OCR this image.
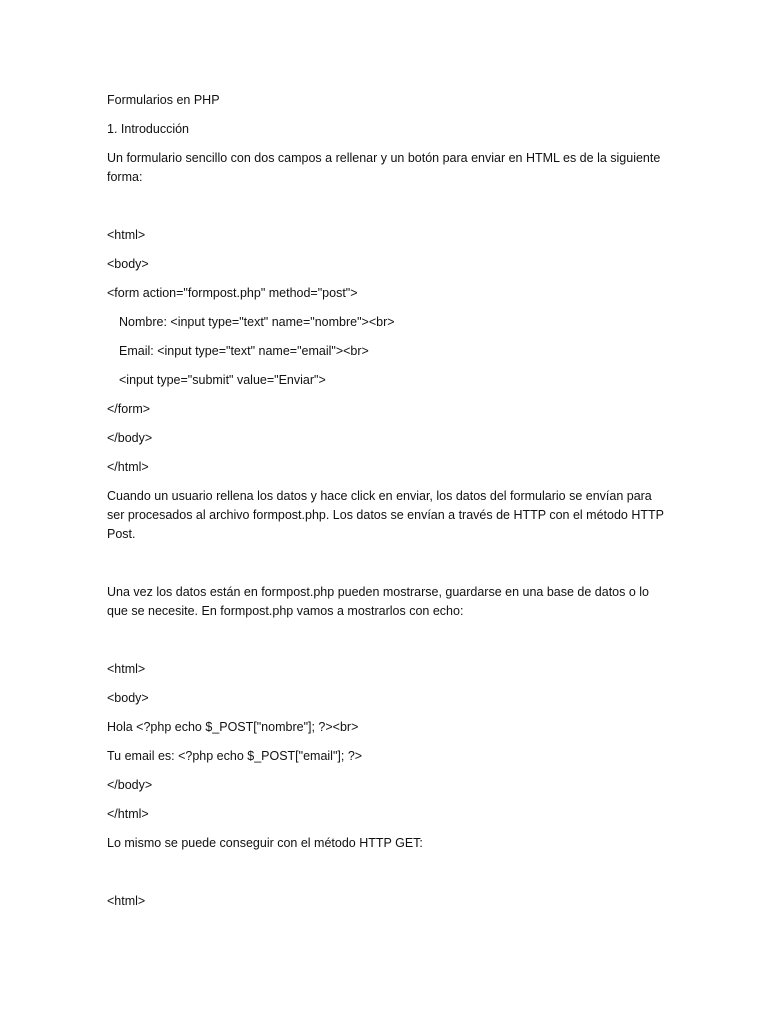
Formularios en PHP

1. Introducción

Un formulario sencillo con dos campos a rellenar y un botón para enviar en HTML es de la siguiente forma:

<html>

<body>

<form action="formpost.php" method="post">

Nombre: <input type="text" name="nombre"><br>

Email: <input type="text" name="email"><br>

<input type="submit" value="Enviar">

</form>

</body>

</html>

Cuando un usuario rellena los datos y hace click en enviar, los datos del formulario se envían para ser procesados al archivo formpost.php. Los datos se envían a través de HTTP con el método HTTP Post.

Una vez los datos están en formpost.php pueden mostrarse, guardarse en una base de datos o lo que se necesite. En formpost.php vamos a mostrarlos con echo:

<html>

<body>

Hola <?php echo $_POST["nombre"]; ?><br>

Tu email es: <?php echo $_POST["email"]; ?>

</body>

</html>

Lo mismo se puede conseguir con el método HTTP GET:

<html>
